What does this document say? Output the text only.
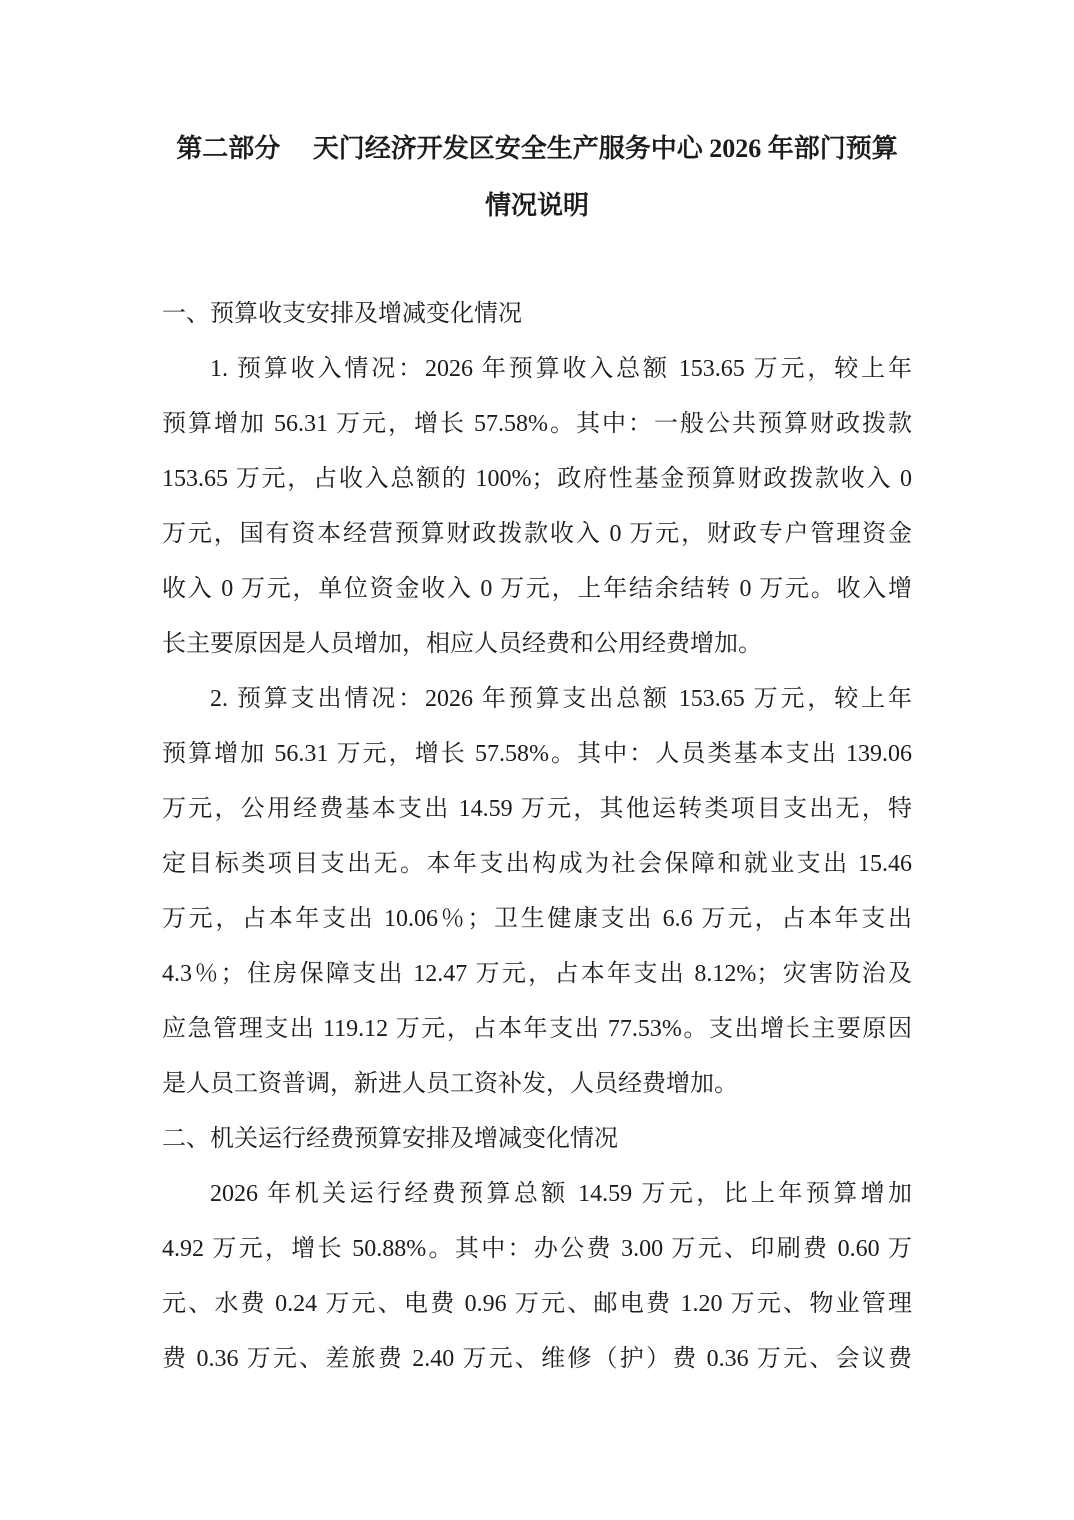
第二部分　 天门经济开发区安全生产服务中心 2026 年部门预算
情况说明
一、预算收支安排及增减变化情况
1. 预算收入情况：2026 年预算收入总额 153.65 万元，较上年
预算增加 56.31 万元，增长 57.58%。其中：一般公共预算财政拨款
153.65 万元，占收入总额的 100%；政府性基金预算财政拨款收入 0
万元，国有资本经营预算财政拨款收入 0 万元，财政专户管理资金
收入 0 万元，单位资金收入 0 万元，上年结余结转 0 万元。收入增
长主要原因是人员增加，相应人员经费和公用经费增加。
2. 预算支出情况：2026 年预算支出总额 153.65 万元，较上年
预算增加 56.31 万元，增长 57.58%。其中：人员类基本支出 139.06
万元，公用经费基本支出 14.59 万元，其他运转类项目支出无，特
定目标类项目支出无。本年支出构成为社会保障和就业支出 15.46
万元，占本年支出 10.06％；卫生健康支出 6.6 万元，占本年支出
4.3％；住房保障支出 12.47 万元，占本年支出 8.12%；灾害防治及
应急管理支出 119.12 万元，占本年支出 77.53%。支出增长主要原因
是人员工资普调，新进人员工资补发，人员经费增加。
二、机关运行经费预算安排及增减变化情况
2026 年机关运行经费预算总额 14.59 万元，比上年预算增加
4.92 万元，增长 50.88%。其中：办公费 3.00 万元、印刷费 0.60 万
元、水费 0.24 万元、电费 0.96 万元、邮电费 1.20 万元、物业管理
费 0.36 万元、差旅费 2.40 万元、维修（护）费 0.36 万元、会议费
